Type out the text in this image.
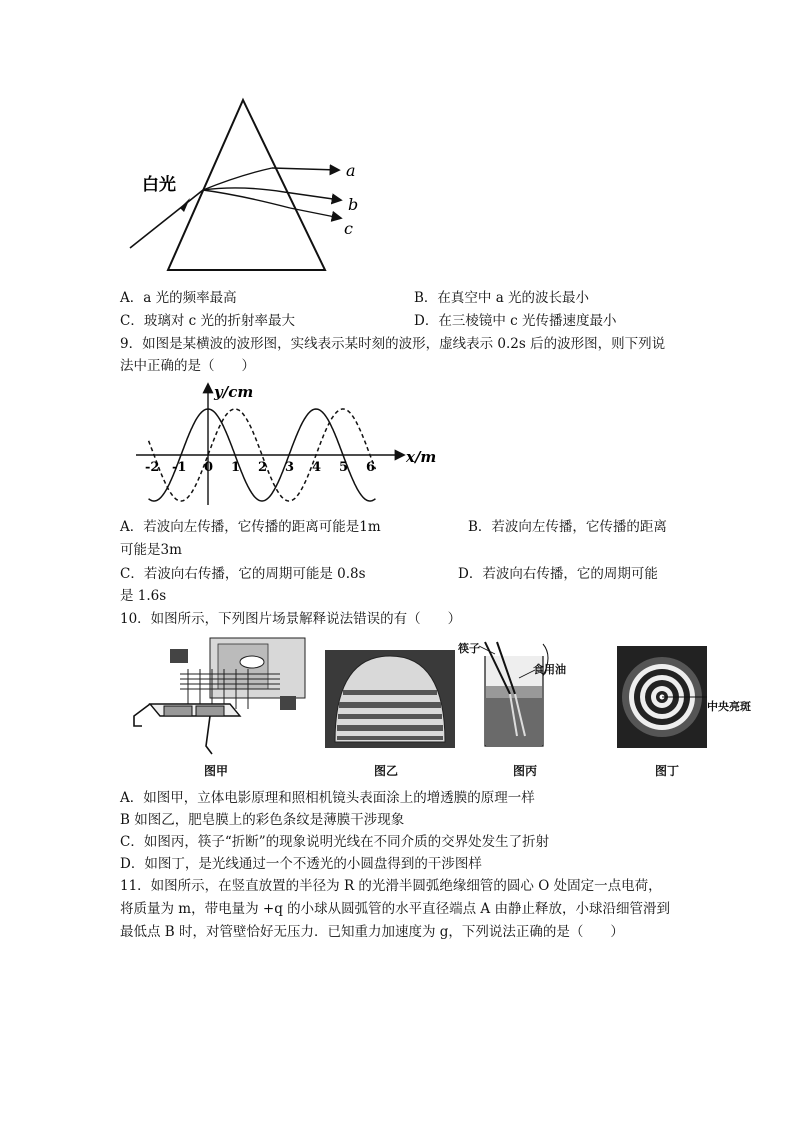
白光
a
b
c
A．a 光的频率最高	B．在真空中 a 光的波长最小
C．玻璃对 c 光的折射率最大	D．在三棱镜中 c 光传播速度最小
9．如图是某横波的波形图，实线表示某时刻的波形，虚线表示 0.2s 后的波形图，则下列说
法中正确的是（　　）
y/cm
x/m
-2 -1 0 1 2 3 4 5 6
A．若波向左传播，它传播的距离可能是1m	B．若波向左传播，它传播的距离
可能是3m
C．若波向右传播，它的周期可能是 0.8s	D．若波向右传播，它的周期可能
是 1.6s
10．如图所示，下列图片场景解释说法错误的有（　　）
图甲	图乙
筷子
食用油
图丙
中央亮斑
图丁
A．如图甲，立体电影原理和照相机镜头表面涂上的增透膜的原理一样
B 如图乙，肥皂膜上的彩色条纹是薄膜干涉现象
C．如图丙，筷子“折断”的现象说明光线在不同介质的交界处发生了折射
D．如图丁，是光线通过一个不透光的小圆盘得到的干涉图样
11．如图所示，在竖直放置的半径为 R 的光滑半圆弧绝缘细管的圆心 O 处固定一点电荷，
将质量为 m，带电量为 +q 的小球从圆弧管的水平直径端点 A 由静止释放，小球沿细管滑到
最低点 B 时，对管壁恰好无压力．已知重力加速度为 g，下列说法正确的是（　　）
